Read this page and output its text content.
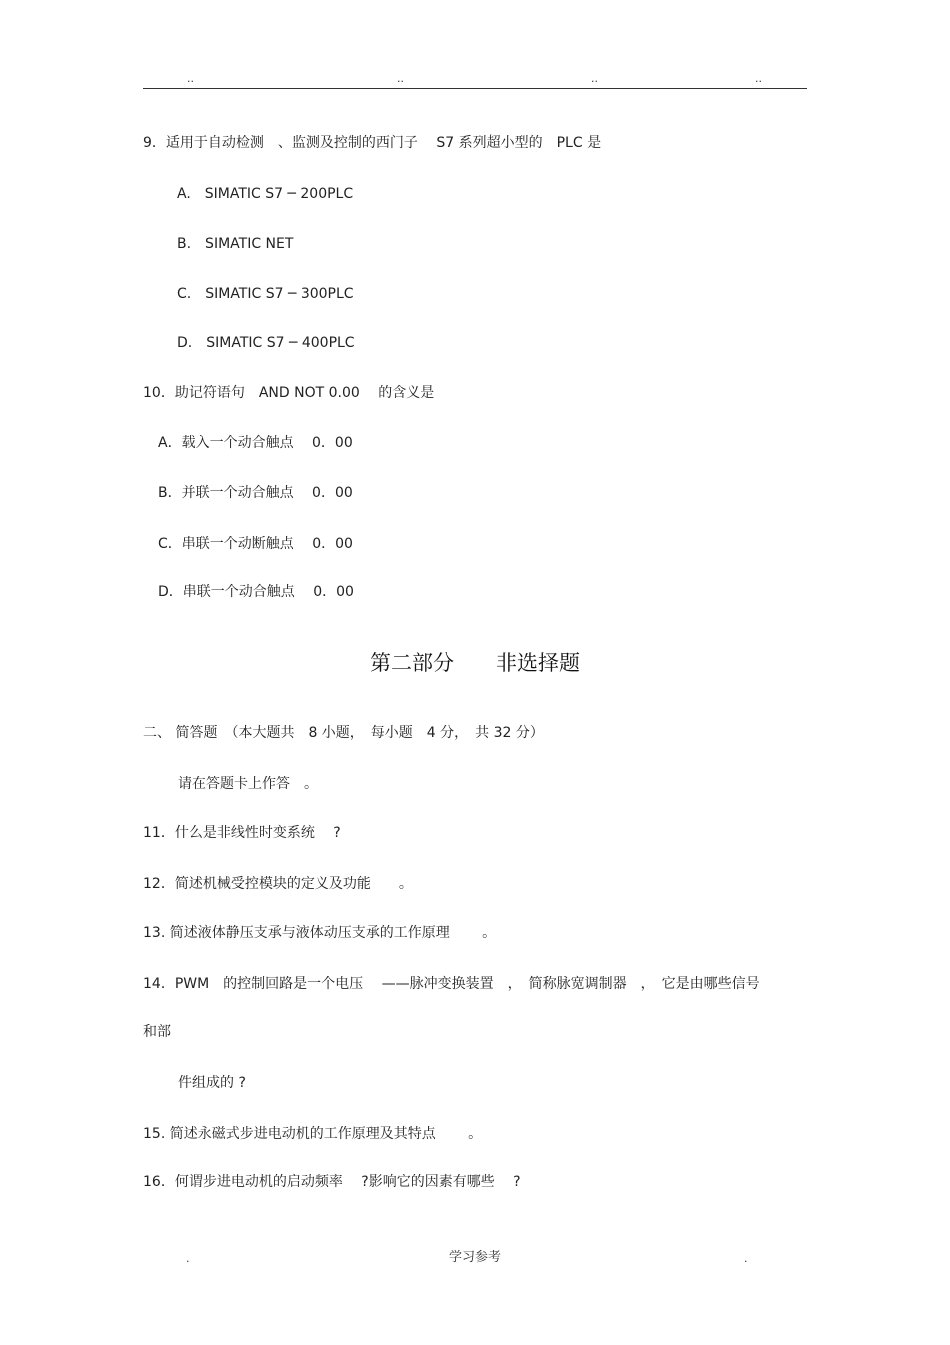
..	..	..	..
9．适用于自动检测　、监测及控制的西门子　 S7 系列超小型的　PLC 是
A.　SIMATIC S7 ─ 200PLC
B.　SIMATIC NET
C.　SIMATIC S7 ─ 300PLC
D.　SIMATIC S7 ─ 400PLC
10．助记符语句　AND NOT 0.00　 的含义是
A．载入一个动合触点　 0．00
B．并联一个动合触点　 0．00
C．串联一个动断触点　 0．00
D．串联一个动合触点　 0．00
第二部分　　非选择题
二、 简答题　（本大题共　8 小题，　每小题　4 分，　共 32 分）
请在答题卡上作答　。
11．什么是非线性时变系统　 ?
12．简述机械受控模块的定义及功能　　。
13. 简述液体静压支承与液体动压支承的工作原理　　 。
14．PWM　的控制回路是一个电压　 ——脉冲变换装置　，　简称脉宽调制器　，　它是由哪些信号
和部
件组成的 ?
15. 简述永磁式步进电动机的工作原理及其特点　　 。
16．何谓步进电动机的启动频率　 ?影响它的因素有哪些　 ?
.	学习参考	.
